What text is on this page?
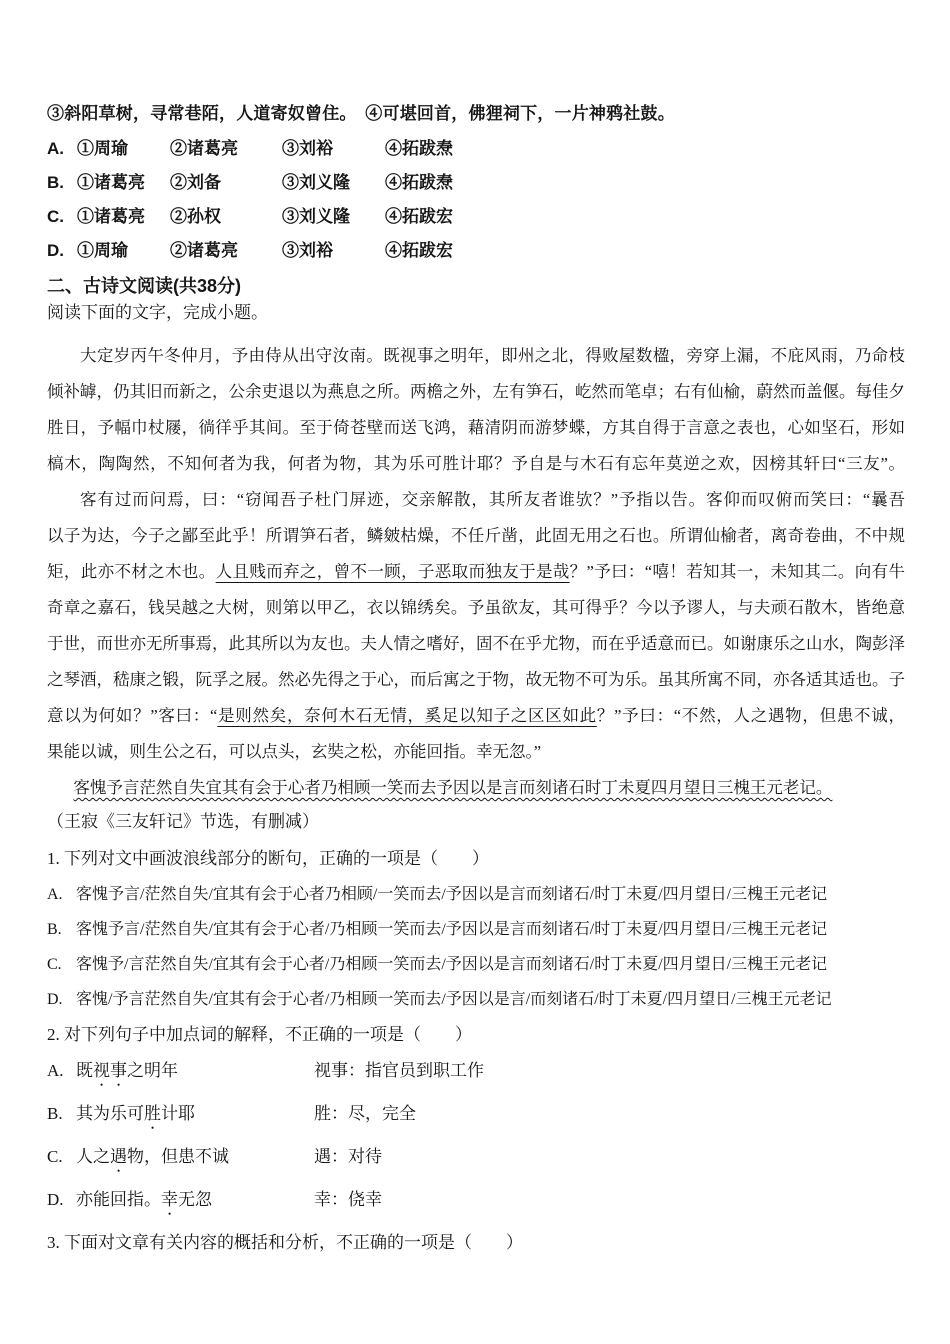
③斜阳草树，寻常巷陌，人道寄奴曾住。　④可堪回首，佛狸祠下，一片神鸦社鼓。
A. ①周瑜	②诸葛亮	③刘裕	④拓跋焘
B. ①诸葛亮	②刘备	③刘义隆	④拓跋焘
C. ①诸葛亮	②孙权	③刘义隆	④拓跋宏
D. ①周瑜	②诸葛亮	③刘裕	④拓跋宏
二、古诗文阅读(共38分)
阅读下面的文字，完成小题。
大定岁丙午冬仲月，予由侍从出守汝南。既视事之明年，即州之北，得败屋数楹，旁穿上漏，不庇风雨，乃命枝
倾补罅，仍其旧而新之，公余吏退以为燕息之所。两檐之外，左有笋石，屹然而笔卓；右有仙榆，蔚然而盖偃。每佳夕
胜日，予幅巾杖屦，徜徉乎其间。至于倚苍壁而送飞鸿，藉清阴而游梦蝶，方其自得于言意之表也，心如坚石，形如
槁木，陶陶然，不知何者为我，何者为物，其为乐可胜计耶？予自是与木石有忘年莫逆之欢，因榜其轩曰“三友”。
客有过而问焉，曰：“窃闻吾子杜门屏迹，交亲解散，其所友者谁欤？”予指以告。客仰而叹俯而笑曰：“曩吾
以子为达，今子之鄙至此乎！所谓笋石者，鳞皴枯燥，不任斤凿，此固无用之石也。所谓仙榆者，离奇卷曲，不中规
矩，此亦不材之木也。人且贱而弃之，曾不一顾，子恶取而独友于是哉？”予曰：“嘻！若知其一，未知其二。向有牛
奇章之嘉石，钱吴越之大树，则第以甲乙，衣以锦绣矣。予虽欲友，其可得乎？今以予谬人，与夫顽石散木，皆绝意
于世，而世亦无所事焉，此其所以为友也。夫人情之嗜好，固不在乎尤物，而在乎适意而已。如谢康乐之山水，陶彭泽
之琴酒，嵇康之锻，阮孚之屐。然必先得之于心，而后寓之于物，故无物不可为乐。虽其所寓不同，亦各适其适也。子
意以为何如？”客曰：“是则然矣，奈何木石无情，奚足以知子之区区如此？”予曰：“不然，人之遇物，但患不诚，
果能以诚，则生公之石，可以点头，玄奘之松，亦能回指。幸无忽。”
客愧予言茫然自失宜其有会于心者乃相顾一笑而去予因以是言而刻诸石时丁未夏四月望日三槐王元老记。
（王寂《三友轩记》节选，有删减）
1. 下列对文中画波浪线部分的断句，正确的一项是（　　）
A. 客愧予言/茫然自失/宜其有会于心者乃相顾/一笑而去/予因以是言而刻诸石/时丁未夏/四月望日/三槐王元老记
B. 客愧予言/茫然自失/宜其有会于心者/乃相顾一笑而去/予因以是言而刻诸石/时丁未夏/四月望日/三槐王元老记
C. 客愧予/言茫然自失/宜其有会于心者/乃相顾一笑而去/予因以是言而刻诸石/时丁未夏/四月望日/三槐王元老记
D. 客愧/予言茫然自失/宜其有会于心者/乃相顾一笑而去/予因以是言/而刻诸石/时丁未夏/四月望日/三槐王元老记
2. 对下列句子中加点词的解释，不正确的一项是（　　）
A. 既视事之明年	视事：指官员到职工作
B. 其为乐可胜计耶	胜：尽，完全
C. 人之遇物，但患不诚	遇：对待
D. 亦能回指。幸无忽	幸：侥幸
3. 下面对文章有关内容的概括和分析，不正确的一项是（　　）
